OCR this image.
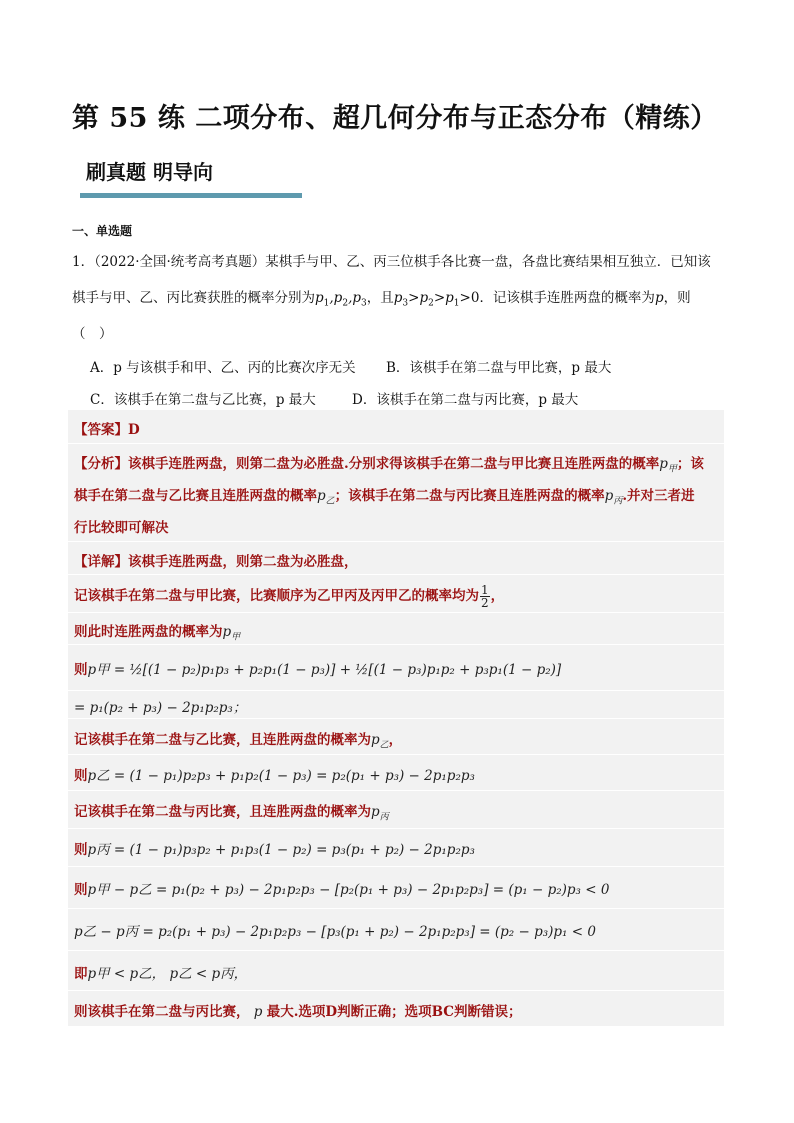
第 55 练 二项分布、超几何分布与正态分布（精练）
刷真题 明导向
一、单选题
1．（2022·全国·统考高考真题）某棋手与甲、乙、丙三位棋手各比赛一盘，各盘比赛结果相互独立．已知该
棋手与甲、乙、丙比赛获胜的概率分别为$p_1,p_2,p_3$，且$p_3>p_2>p_1>0$．记该棋手连胜两盘的概率为p，则
（　）
A．p 与该棋手和甲、乙、丙的比赛次序无关 B．该棋手在第二盘与甲比赛，p 最大
C．该棋手在第二盘与乙比赛，p 最大	D．该棋手在第二盘与丙比赛，p 最大
【答案】D
【分析】该棋手连胜两盘，则第二盘为必胜盘.分别求得该棋手在第二盘与甲比赛且连胜两盘的概率$p_甲$；该
棋手在第二盘与乙比赛且连胜两盘的概率$p_乙$；该棋手在第二盘与丙比赛且连胜两盘的概率$p_丙$.并对三者进
行比较即可解决
【详解】该棋手连胜两盘，则第二盘为必胜盘，
记该棋手在第二盘与甲比赛，比赛顺序为乙甲丙及丙甲乙的概率均为 $\frac{1}{2}$ ，
则此时连胜两盘的概率为$p_甲$
则p甲 = ½[(1 − p₂)p₁p₃ + p₂p₁(1 − p₃)] + ½[(1 − p₃)p₁p₂ + p₃p₁(1 − p₂)]
= p₁(p₂ + p₃) − 2p₁p₂p₃；
记该棋手在第二盘与乙比赛，且连胜两盘的概率为$p_乙$，
则p乙 = (1 − p₁)p₂p₃ + p₁p₂(1 − p₃) = p₂(p₁ + p₃) − 2p₁p₂p₃
记该棋手在第二盘与丙比赛，且连胜两盘的概率为$p_丙$
则p丙 = (1 − p₁)p₃p₂ + p₁p₃(1 − p₂) = p₃(p₁ + p₂) − 2p₁p₂p₃
则p甲 − p乙 = p₁(p₂ + p₃) − 2p₁p₂p₃ − [p₂(p₁ + p₃) − 2p₁p₂p₃] = (p₁ − p₂)p₃ < 0
p乙 − p丙 = p₂(p₁ + p₃) − 2p₁p₂p₃ − [p₃(p₁ + p₂) − 2p₁p₂p₃] = (p₂ − p₃)p₁ < 0
即p甲 < p乙， p乙 < p丙，
则该棋手在第二盘与丙比赛， p 最大.选项D判断正确；选项BC判断错误；
